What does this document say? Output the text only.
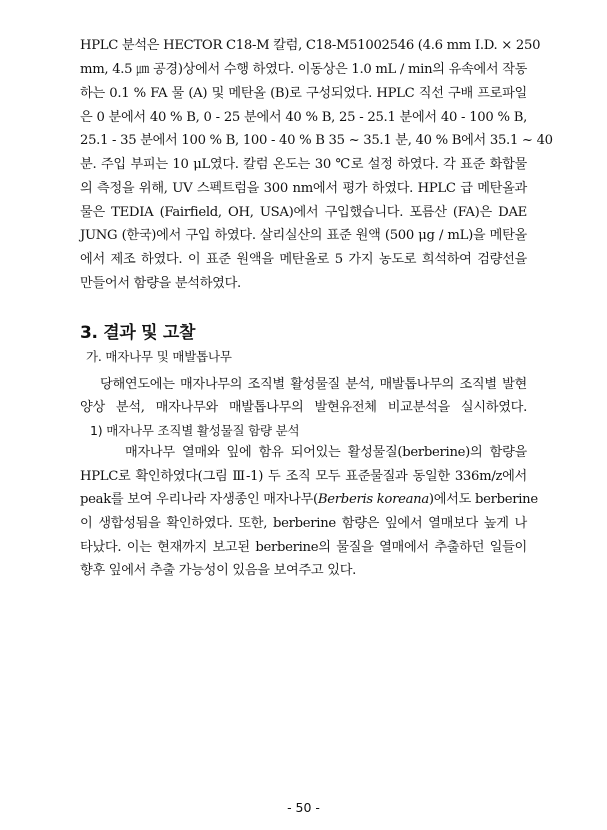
HPLC 분석은 HECTOR C18-M 칼럼, C18-M51002546 (4.6 mm I.D. × 250
mm, 4.5 ㎛ 공경)상에서 수행 하였다. 이동상은 1.0 mL / min의 유속에서 작동
하는 0.1 % FA 물 (A) 및 메탄올 (B)로 구성되었다. HPLC 직선 구배 프로파일
은 0 분에서 40 % B, 0 - 25 분에서 40 % B, 25 - 25.1 분에서 40 - 100 % B,
25.1 - 35 분에서 100 % B, 100 - 40 % B 35 ~ 35.1 분, 40 % B에서 35.1 ~ 40
분. 주입 부피는 10 μL였다. 칼럼 온도는 30 ℃로 설정 하였다. 각 표준 화합물
의 측정을 위해, UV 스펙트럼을 300 nm에서 평가 하였다. HPLC 급 메탄올과
물은 TEDIA (Fairfield, OH, USA)에서 구입했습니다. 포름산 (FA)은 DAE
JUNG (한국)에서 구입 하였다. 살리실산의 표준 원액 (500 μg / mL)을 메탄올
에서 제조 하였다. 이 표준 원액을 메탄올로 5 가지 농도로 희석하여 검량선을
만들어서 함량을 분석하였다.
3. 결과 및 고찰
가. 매자나무 및 매발톱나무
당해연도에는 매자나무의 조직별 활성물질 분석, 매발톱나무의 조직별 발현
양상 분석, 매자나무와 매발톱나무의 발현유전체 비교분석을 실시하였다.
1) 매자나무 조직별 활성물질 함량 분석
매자나무 열매와 잎에 함유 되어있는 활성물질(berberine)의 함량을
HPLC로 확인하였다(그림 Ⅲ-1) 두 조직 모두 표준물질과 동일한 336m/z에서
peak를 보여 우리나라 자생종인 매자나무( Berberis koreana )에서도 berberine
이 생합성됨을 확인하였다. 또한, berberine 함량은 잎에서 열매보다 높게 나
타났다. 이는 현재까지 보고된 berberine의 물질을 열매에서 추출하던 일들이
향후 잎에서 추출 가능성이 있음을 보여주고 있다.
- 50 -
